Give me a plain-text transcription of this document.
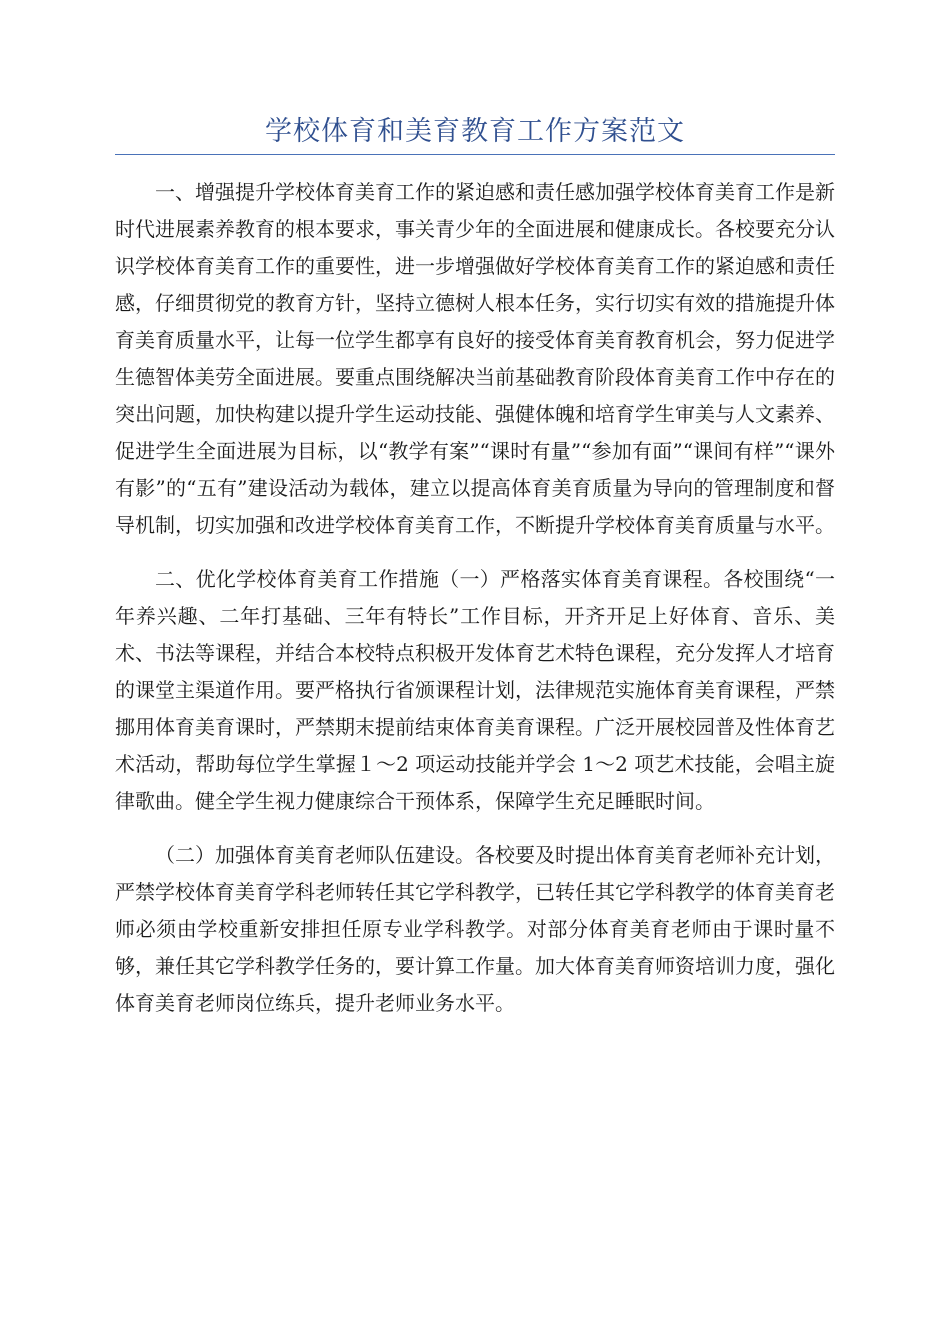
学校体育和美育教育工作方案范文

一、增强提升学校体育美育工作的紧迫感和责任感加强学校体育美育工作是新时代进展素养教育的根本要求，事关青少年的全面进展和健康成长。各校要充分认识学校体育美育工作的重要性，进一步增强做好学校体育美育工作的紧迫感和责任感，仔细贯彻党的教育方针，坚持立德树人根本任务，实行切实有效的措施提升体育美育质量水平，让每一位学生都享有良好的接受体育美育教育机会，努力促进学生德智体美劳全面进展。要重点围绕解决当前基础教育阶段体育美育工作中存在的突出问题，加快构建以提升学生运动技能、强健体魄和培育学生审美与人文素养、促进学生全面进展为目标，以“教学有案”“课时有量”“参加有面”“课间有样”“课外有影”的“五有”建设活动为载体，建立以提高体育美育质量为导向的管理制度和督导机制，切实加强和改进学校体育美育工作，不断提升学校体育美育质量与水平。

二、优化学校体育美育工作措施（一）严格落实体育美育课程。各校围绕“一年养兴趣、二年打基础、三年有特长”工作目标，开齐开足上好体育、音乐、美术、书法等课程，并结合本校特点积极开发体育艺术特色课程，充分发挥人才培育的课堂主渠道作用。要严格执行省颁课程计划，法律规范实施体育美育课程，严禁挪用体育美育课时，严禁期末提前结束体育美育课程。广泛开展校园普及性体育艺术活动，帮助每位学生掌握１～2 项运动技能并学会 1～2 项艺术技能，会唱主旋律歌曲。健全学生视力健康综合干预体系，保障学生充足睡眠时间。

（二）加强体育美育老师队伍建设。各校要及时提出体育美育老师补充计划，严禁学校体育美育学科老师转任其它学科教学，已转任其它学科教学的体育美育老师必须由学校重新安排担任原专业学科教学。对部分体育美育老师由于课时量不够，兼任其它学科教学任务的，要计算工作量。加大体育美育师资培训力度，强化体育美育老师岗位练兵，提升老师业务水平。
